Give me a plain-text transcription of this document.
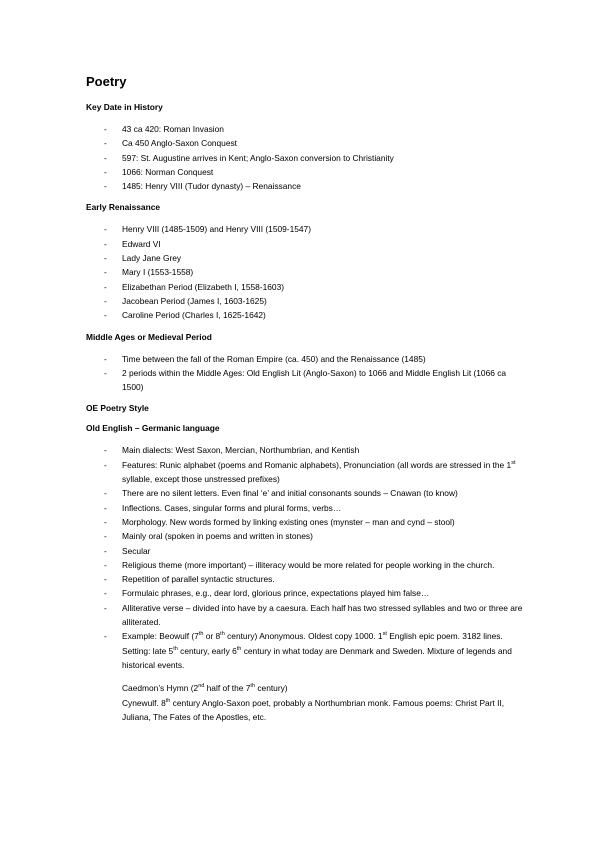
Poetry
Key Date in History
- 43 ca 420: Roman Invasion
- Ca 450 Anglo-Saxon Conquest
- 597: St. Augustine arrives in Kent; Anglo-Saxon conversion to Christianity
- 1066: Norman Conquest
- 1485: Henry VIII (Tudor dynasty) – Renaissance
Early Renaissance
- Henry VIII (1485-1509) and Henry VIII (1509-1547)
- Edward VI
- Lady Jane Grey
- Mary I (1553-1558)
- Elizabethan Period (Elizabeth I, 1558-1603)
- Jacobean Period (James I, 1603-1625)
- Caroline Period (Charles I, 1625-1642)
Middle Ages or Medieval Period
- Time between the fall of the Roman Empire (ca. 450) and the Renaissance (1485)
- 2 periods within the Middle Ages: Old English Lit (Anglo-Saxon) to 1066 and Middle English Lit (1066 ca 1500)
OE Poetry Style
Old English – Germanic language
- Main dialects: West Saxon, Mercian, Northumbrian, and Kentish
- Features: Runic alphabet (poems and Romanic alphabets), Pronunciation (all words are stressed in the 1st syllable, except those unstressed prefixes)
- There are no silent letters. Even final ‘e’ and initial consonants sounds – Cnawan (to know)
- Inflections. Cases, singular forms and plural forms, verbs…
- Morphology. New words formed by linking existing ones (mynster – man and cynd – stool)
- Mainly oral (spoken in poems and written in stones)
- Secular
- Religious theme (more important) – illiteracy would be more related for people working in the church.
- Repetition of parallel syntactic structures.
- Formulaic phrases, e.g., dear lord, glorious prince, expectations played him false…
- Alliterative verse – divided into have by a caesura. Each half has two stressed syllables and two or three are alliterated.
- Example: Beowulf (7th or 8th century) Anonymous. Oldest copy 1000. 1st English epic poem. 3182 lines. Setting: late 5th century, early 6th century in what today are Denmark and Sweden. Mixture of legends and historical events.
Caedmon’s Hymn (2nd half of the 7th century)
Cynewulf. 8th century Anglo-Saxon poet, probably a Northumbrian monk. Famous poems: Christ Part II, Juliana, The Fates of the Apostles, etc.
